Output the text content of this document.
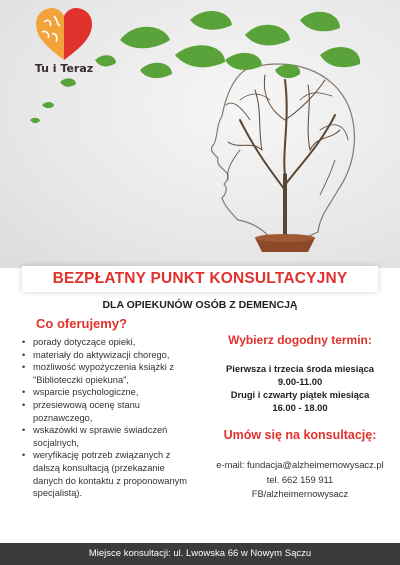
Tu i Teraz
BEZPŁATNY PUNKT KONSULTACYJNY
DLA OPIEKUNÓW OSÓB Z DEMENCJĄ
Co oferujemy?
• porady dotyczące opieki,
• materiały do aktywizacji chorego,
• możliwość wypożyczenia książki z "Biblioteczki opiekuna",
• wsparcie psychologiczne,
• przesiewową ocenę stanu poznawczego,
• wskazówki w sprawie świadczeń socjalnych,
• weryfikację potrzeb związanych z dalszą konsultacją (przekazanie danych do kontaktu z proponowanym specjalistą).
Wybierz dogodny termin:
Pierwsza i trzecia środa miesiąca
9.00-11.00
Drugi i czwarty piątek miesiąca
16.00 - 18.00
Umów się na konsultację:
e-mail: fundacja@alzheimernowysacz.pl
tel. 662 159 911
FB/alzheimernowysacz
Miejsce konsultacji: ul. Lwowska 66 w Nowym Sączu
